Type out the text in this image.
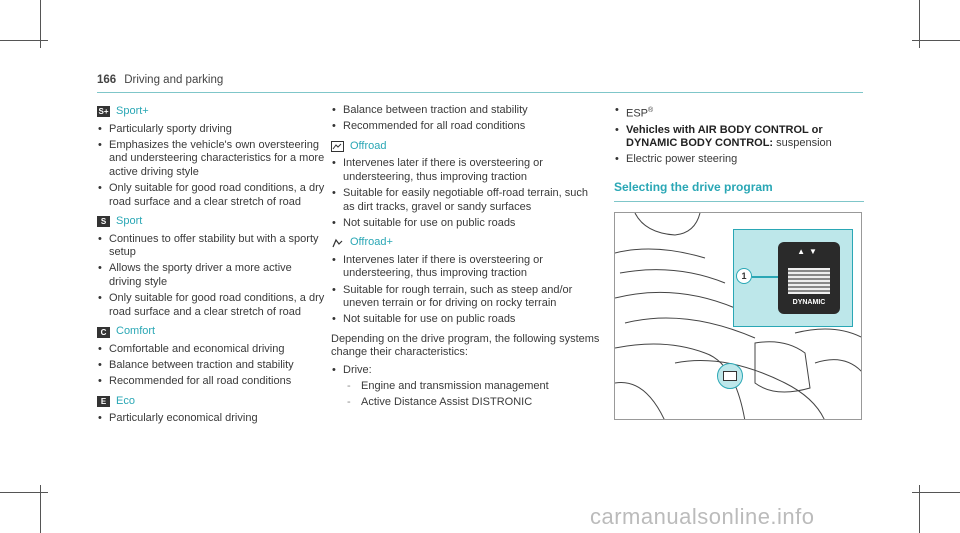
166 Driving and parking
S+ Sport+
• Particularly sporty driving
• Emphasizes the vehicle's own oversteering and understeering characteristics for a more active driving style
• Only suitable for good road conditions, a dry road surface and a clear stretch of road
S Sport
• Continues to offer stability but with a sporty setup
• Allows the sporty driver a more active driving style
• Only suitable for good road conditions, a dry road surface and a clear stretch of road
C Comfort
• Comfortable and economical driving
• Balance between traction and stability
• Recommended for all road conditions
E Eco
• Particularly economical driving
• Balance between traction and stability
• Recommended for all road conditions
Offroad
• Intervenes later if there is oversteering or understeering, thus improving traction
• Suitable for easily negotiable off-road terrain, such as dirt tracks, gravel or sandy surfaces
• Not suitable for use on public roads
Offroad+
• Intervenes later if there is oversteering or understeering, thus improving traction
• Suitable for rough terrain, such as steep and/or uneven terrain or for driving on rocky terrain
• Not suitable for use on public roads

Depending on the drive program, the following systems change their characteristics:

• Drive:
- Engine and transmission management
- Active Distance Assist DISTRONIC
• ESP®
• Vehicles with AIR BODY CONTROL or DYNAMIC BODY CONTROL: suspension
• Electric power steering
Selecting the drive program
▲▼
DYNAMIC
1
carmanualsonline.info
